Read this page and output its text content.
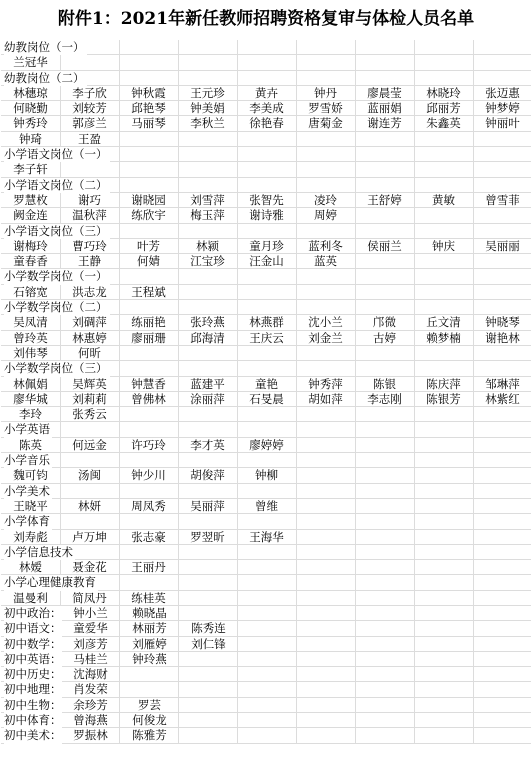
附件1：2021年新任教师招聘资格复审与体检人员名单
幼教岗位（一）
兰冠华
幼教岗位（二）
林穗琼	李子欣	钟秋霞	王元珍	黄卉	钟丹	廖晨莹	林晓玲	张迈惠
何晓勤	刘较芳	邱艳琴	钟美娟	李美成	罗雪娇	蓝丽娟	邱丽芳	钟梦婷
钟秀玲	郭彦兰	马丽琴	李秋兰	徐艳春	唐菊金	谢连芳	朱鑫英	钟丽叶
钟琦	王盈
小学语文岗位（一）
李子轩
小学语文岗位（二）
罗慧枚	谢巧	谢晓园	刘雪萍	张智先	凌玲	王舒婷	黄敏	曾雪菲
阙金连	温秋萍	练欣宇	梅玉萍	谢诗雅	周婷
小学语文岗位（三）
谢梅玲	曹巧玲	叶芳	林颍	童月珍	蓝利冬	侯丽兰	钟庆	吴丽丽
童春香	王静	何婧	江宝珍	汪金山	蓝英
小学数学岗位（一）
石镕宽	洪志龙	王程斌
小学数学岗位（二）
吴凤清	刘碉萍	练丽艳	张玲燕	林燕群	沈小兰	邝微	丘文清	钟晓琴
曾玲英	林惠婷	廖丽珊	邱海清	王庆云	刘金兰	古婷	赖梦楠	谢艳林
刘伟琴	何昕
小学数学岗位（三）
林佩娟	吴辉英	钟慧香	蓝建平	童艳	钟秀萍	陈银	陈庆萍	邹琳萍
廖华城	刘莉莉	曾佛林	涂丽萍	石旻晨	胡如萍	李志刚	陈银芳	林紫红
李玲	张秀云
小学英语
陈英	何远金	许巧玲	李才英	廖婷婷
小学音乐
魏可钧	汤闽	钟少川	胡俊萍	钟柳
小学美术
王晓平	林妍	周凤秀	吴丽萍	曾维
小学体育
刘寿彪	卢万坤	张志豪	罗翌昕	王海华
小学信息技术
林嫒	聂金花	王丽丹
小学心理健康教育
温曼利	简凤丹	练桂英
初中政治：	钟小兰	赖晓晶
初中语文：	童爱华	林丽芳	陈秀连
初中数学：	刘彦芳	刘雁婷	刘仁锋
初中英语：	马桂兰	钟玲燕
初中历史：	沈海财
初中地理：	肖发荣
初中生物：	余珍芳	罗芸
初中体育：	曾海燕	何俊龙
初中美术：	罗振林	陈雅芳
